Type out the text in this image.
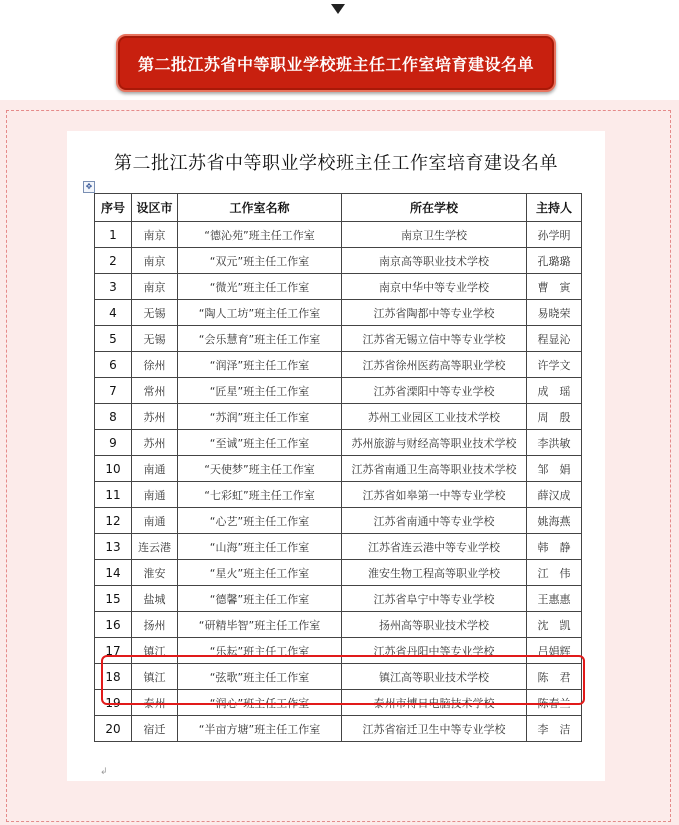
第二批江苏省中等职业学校班主任工作室培育建设名单
第二批江苏省中等职业学校班主任工作室培育建设名单
✥
序号	设区市	工作室名称	所在学校	主持人
1	南京	“德沁苑”班主任工作室	南京卫生学校	孙学明
2	南京	“双元”班主任工作室	南京高等职业技术学校	孔璐璐
3	南京	“微光”班主任工作室	南京中华中等专业学校	曹　寅
4	无锡	“陶人工坊”班主任工作室	江苏省陶都中等专业学校	易晓荣
5	无锡	“会乐慧育”班主任工作室	江苏省无锡立信中等专业学校	程显沁
6	徐州	“润泽”班主任工作室	江苏省徐州医药高等职业学校	许学文
7	常州	“匠星”班主任工作室	江苏省溧阳中等专业学校	成　瑶
8	苏州	“苏润”班主任工作室	苏州工业园区工业技术学校	周　殷
9	苏州	“至诚”班主任工作室	苏州旅游与财经高等职业技术学校	李洪敏
10	南通	“天使梦”班主任工作室	江苏省南通卫生高等职业技术学校	邹　娟
11	南通	“七彩虹”班主任工作室	江苏省如皋第一中等专业学校	薛汉成
12	南通	“心艺”班主任工作室	江苏省南通中等专业学校	姚海燕
13	连云港	“山海”班主任工作室	江苏省连云港中等专业学校	韩　静
14	淮安	“星火”班主任工作室	淮安生物工程高等职业学校	江　伟
15	盐城	“德馨”班主任工作室	江苏省阜宁中等专业学校	王惠惠
16	扬州	“研精毕智”班主任工作室	扬州高等职业技术学校	沈　凯
17	镇江	“乐耘”班主任工作室	江苏省丹阳中等专业学校	吕娟辉
18	镇江	“弦歌”班主任工作室	镇江高等职业技术学校	陈　君
19	泰州	“润心”班主任工作室	泰州市博日电脑技术学校	陈春兰
20	宿迁	“半亩方塘”班主任工作室	江苏省宿迁卫生中等专业学校	李　洁
↲
